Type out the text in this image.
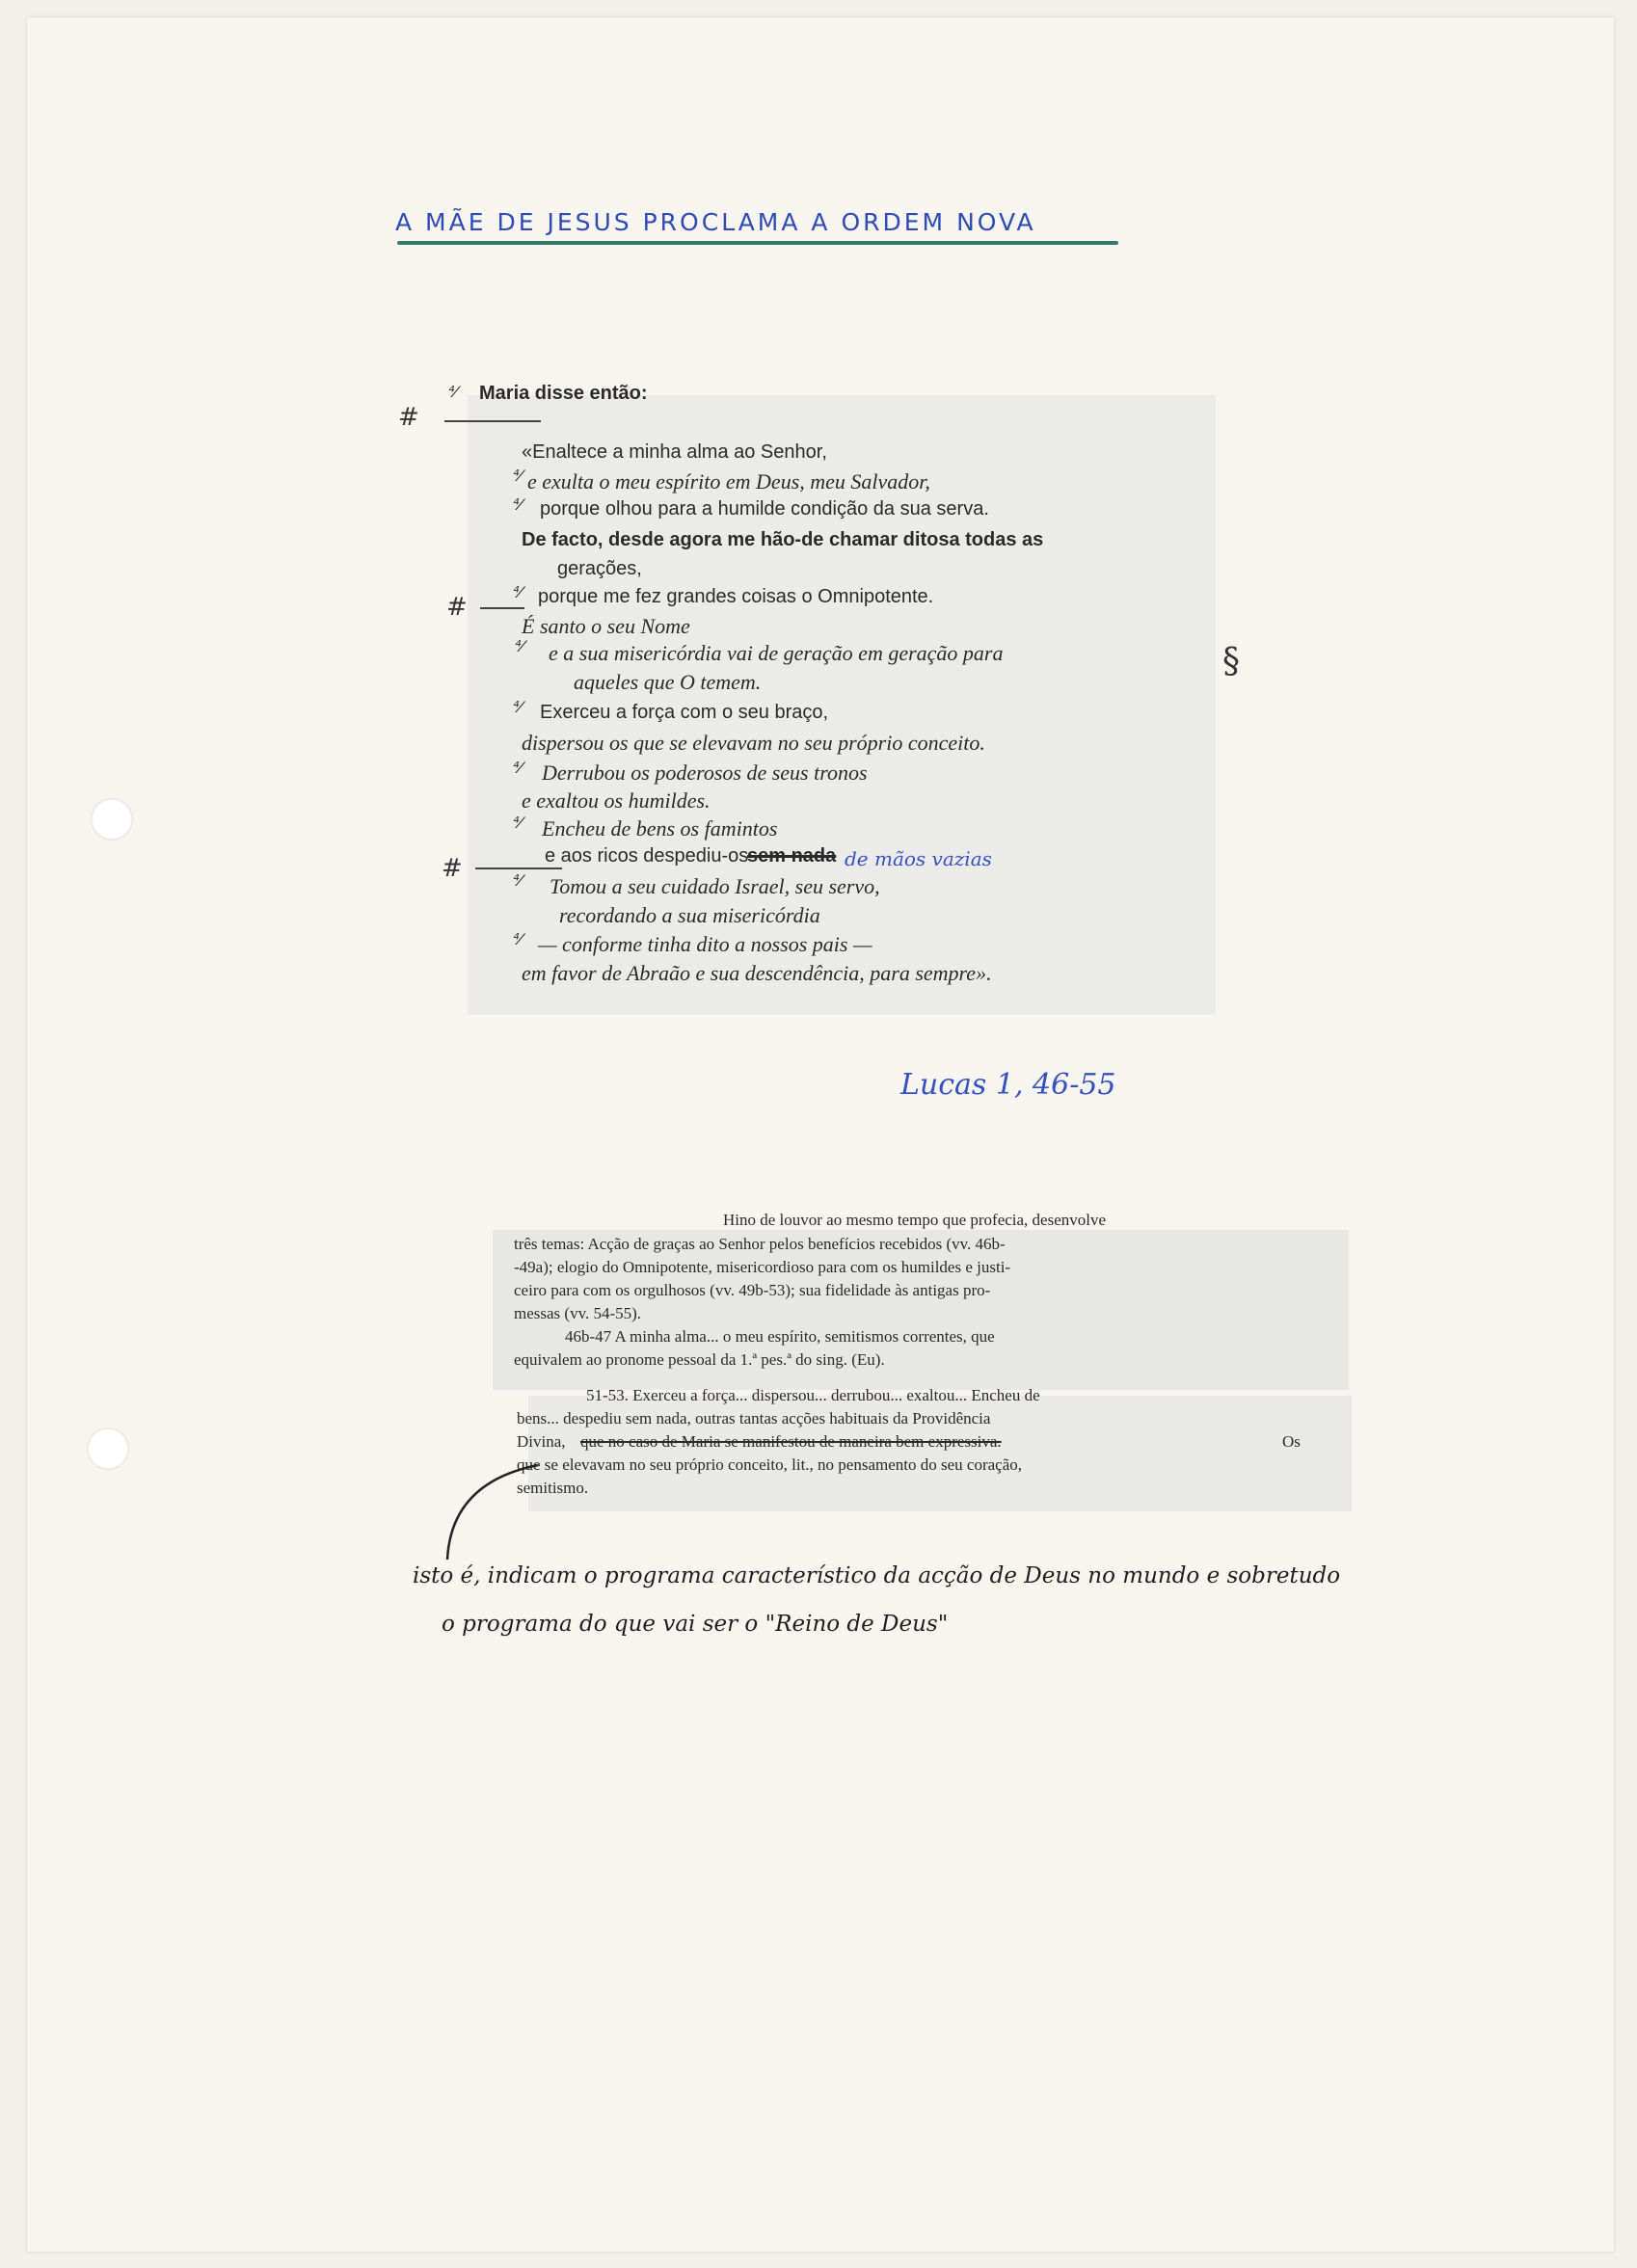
A MÃE DE JESUS PROCLAMA A ORDEM NOVA
⁴⁄ Maria disse então:
#
«Enaltece a minha alma ao Senhor,
⁴⁄ e exulta o meu espírito em Deus, meu Salvador,
⁴⁄ porque olhou para a humilde condição da sua serva.
De facto, desde agora me hão-de chamar ditosa todas as
gerações,
⁴⁄ porque me fez grandes coisas o Omnipotente.
#
É santo o seu Nome
⁴⁄ e a sua misericórdia vai de geração em geração para
aqueles que O temem.
§
⁴⁄ Exerceu a força com o seu braço,
dispersou os que se elevavam no seu próprio conceito.
⁴⁄ Derrubou os poderosos de seus tronos
e exaltou os humildes.
⁴⁄ Encheu de bens os famintos
e aos ricos despediu-os
sem nada de mãos vazias
#	⁴⁄ Tomou a seu cuidado Israel, seu servo,
recordando a sua misericórdia
⁴⁄ — conforme tinha dito a nossos pais —
em favor de Abraão e sua descendência, para sempre».
Lucas 1, 46-55
Hino de louvor ao mesmo tempo que profecia, desenvolve
três temas: Acção de graças ao Senhor pelos benefícios recebidos (vv. 46b-
-49a); elogio do Omnipotente, misericordioso para com os humildes e justi-
ceiro para com os orgulhosos (vv. 49b-53); sua fidelidade às antigas pro-
messas (vv. 54-55).
46b-47 A minha alma... o meu espírito, semitismos correntes, que
equivalem ao pronome pessoal da 1.ª pes.ª do sing. (Eu).
51-53. Exerceu a força... dispersou... derrubou... exaltou... Encheu de
bens... despediu sem nada, outras tantas acções habituais da Providência
Divina, que no caso de Maria se manifestou de maneira bem expressiva.	Os
que se elevavam no seu próprio conceito, lit., no pensamento do seu coração,
semitismo.
isto é, indicam o programa característico da acção de Deus no mundo e sobretudo
o programa do que vai ser o "Reino de Deus"
